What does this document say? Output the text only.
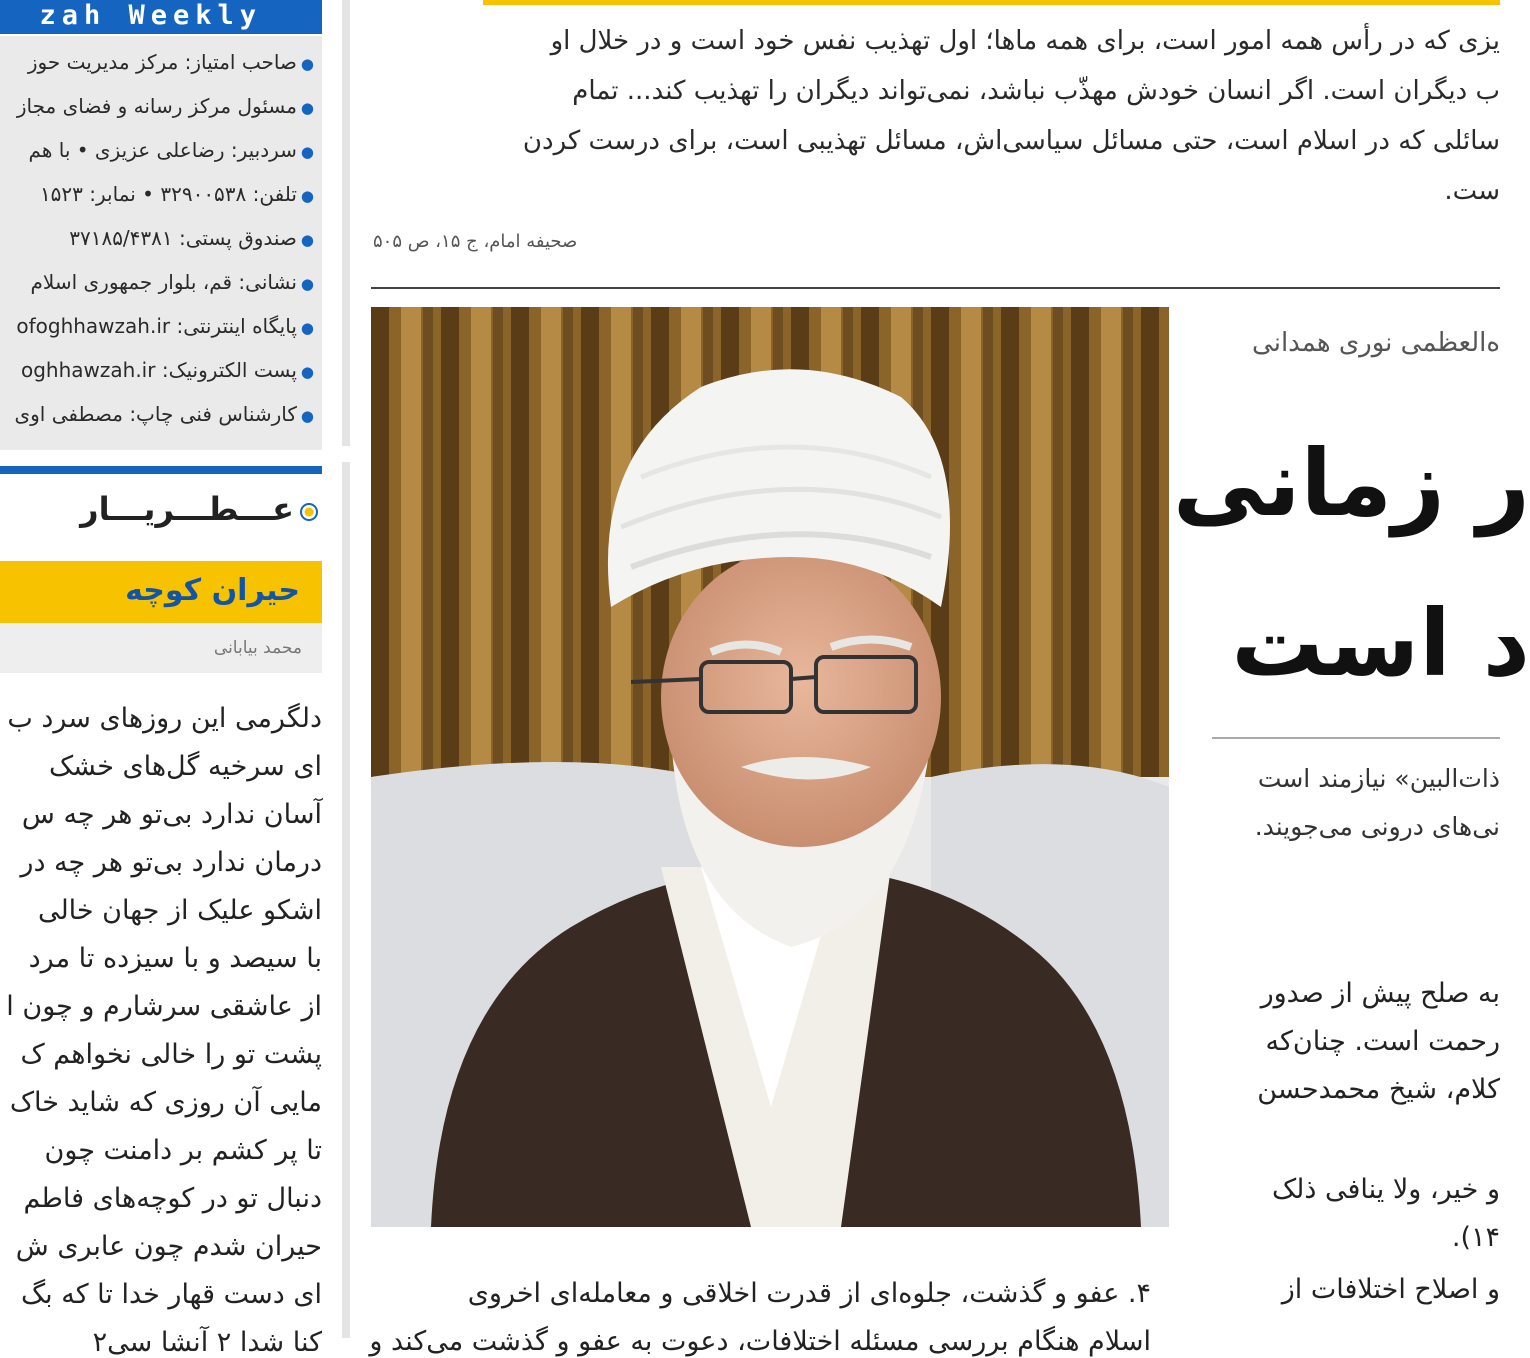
zah Weekly
●صاحب امتیاز: مرکز مدیریت حوز
●مسئول مرکز رسانه و فضای مجاز
●سردبیر: رضاعلی عزیزی • با هم
●تلفن: ۳۲۹۰۰۵۳۸ • نمابر: ۱۵۲۳
●صندوق پستی: ۳۷۱۸۵/۴۳۸۱
●نشانی: قم، بلوار جمهوری اسلام
●پایگاه اینترنتی: ofoghhawzah.ir
●پست الکترونیک: oghhawzah.ir
●کارشناس فنی چاپ: مصطفی اوی
عـــطـــريـــار
حیران کوچه
محمد بیابانی
دلگرمی این روزهای سرد ب
ای سرخیه گل‌های خشک
آسان ندارد بی‌تو هر چه س
درمان ندارد بی‌تو هر چه در
اشکو علیک از جهان خالی
با سیصد و با سیزده تا مرد
از عاشقی سرشارم و چون ا
پشت تو را خالی نخواهم ک
مایی آن روزی که شاید خاک
تا پر کشم بر دامنت چون
دنبال تو در کوچه‌های فاطم
حیران شدم چون عابری ش
ای دست قهار خدا تا که بگ
کنا شدا ۲ آنشا سی۲
یزی که در رأس همه امور است، برای همه ماها؛ اول تهذیب نفس خود است و در خلال او
ب دیگران است. اگر انسان خودش مهذّب نباشد، نمی‌تواند دیگران را تهذیب کند... تمام
سائلی که در اسلام است، حتی مسائل سیاسی‌اش، مسائل تهذیبی است، برای درست کردن
ست.
صحیفه امام، ج ۱۵، ص ۵۰۵
ه‌العظمی نوری همدانی
ر زمانی
د است
ذات‌البین» نیازمند است
نی‌های درونی می‌جویند.
به صلح پیش از صدور
رحمت است. چنان‌که
کلام، شیخ محمدحسن
و خیر، ولا ینافی ذلک
۱۴).
و اصلاح اختلافات از
۴. عفو و گذشت، جلوه‌ای از قدرت اخلاقی و معامله‌ای اخروی
اسلام هنگام بررسی مسئله اختلافات، دعوت به عفو و گذشت می‌کند و
